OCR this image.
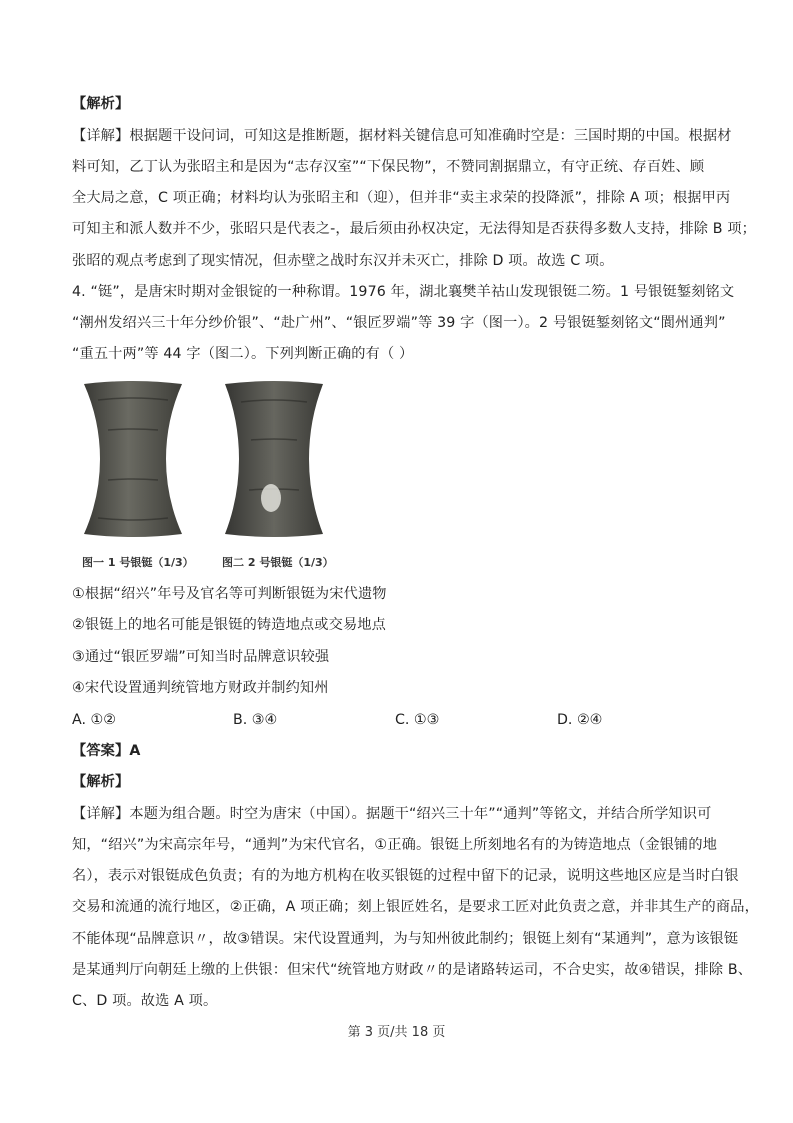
【解析】
【详解】根据题干设问词，可知这是推断题，据材料关键信息可知准确时空是：三国时期的中国。根据材
料可知，乙丁认为张昭主和是因为“志存汉室”“下保民物”，不赞同割据鼎立，有守正统、存百姓、顾
全大局之意，C 项正确；材料均认为张昭主和（迎），但并非“卖主求荣的投降派”，排除 A 项；根据甲丙
可知主和派人数并不少，张昭只是代表之-，最后须由孙权决定，无法得知是否获得多数人支持，排除 B 项；
张昭的观点考虑到了现实情况，但赤壁之战时东汉并未灭亡，排除 D 项。故选 C 项。
4. “铤”，是唐宋时期对金银锭的一种称谓。1976 年，湖北襄樊羊祜山发现银铤二笏。1 号银铤錾刻铭文
“潮州发绍兴三十年分纱价银”、“赴广州”、“银匠罗端”等 39 字（图一）。2 号银铤錾刻铭文“閬州通判”
“重五十两”等 44 字（图二）。下列判断正确的有（ ）
图一 1 号银铤（1/3）	图二 2 号银铤（1/3）
①根据“绍兴”年号及官名等可判断银铤为宋代遗物
②银铤上的地名可能是银铤的铸造地点或交易地点
③通过“银匠罗端”可知当时品牌意识较强
④宋代设置通判统管地方财政并制约知州
A. ①②	B. ③④	C. ①③	D. ②④
【答案】A
【解析】
【详解】本题为组合题。时空为唐宋（中国）。据题干“绍兴三十年”“通判”等铭文，并结合所学知识可
知，“绍兴”为宋高宗年号，“通判”为宋代官名，①正确。银铤上所刻地名有的为铸造地点（金银铺的地
名），表示对银铤成色负责；有的为地方机构在收买银铤的过程中留下的记录，说明这些地区应是当时白银
交易和流通的流行地区，②正确，A 项正确；刻上银匠姓名，是要求工匠对此负责之意，并非其生产的商品，
不能体现“品牌意识〃，故③错误。宋代设置通判，为与知州彼此制约；银铤上刻有“某通判”，意为该银铤
是某通判厅向朝廷上缴的上供银：但宋代“统管地方财政〃的是诸路转运司，不合史实，故④错误，排除 B、
C、D 项。故选 A 项。
第 3 页/共 18 页
